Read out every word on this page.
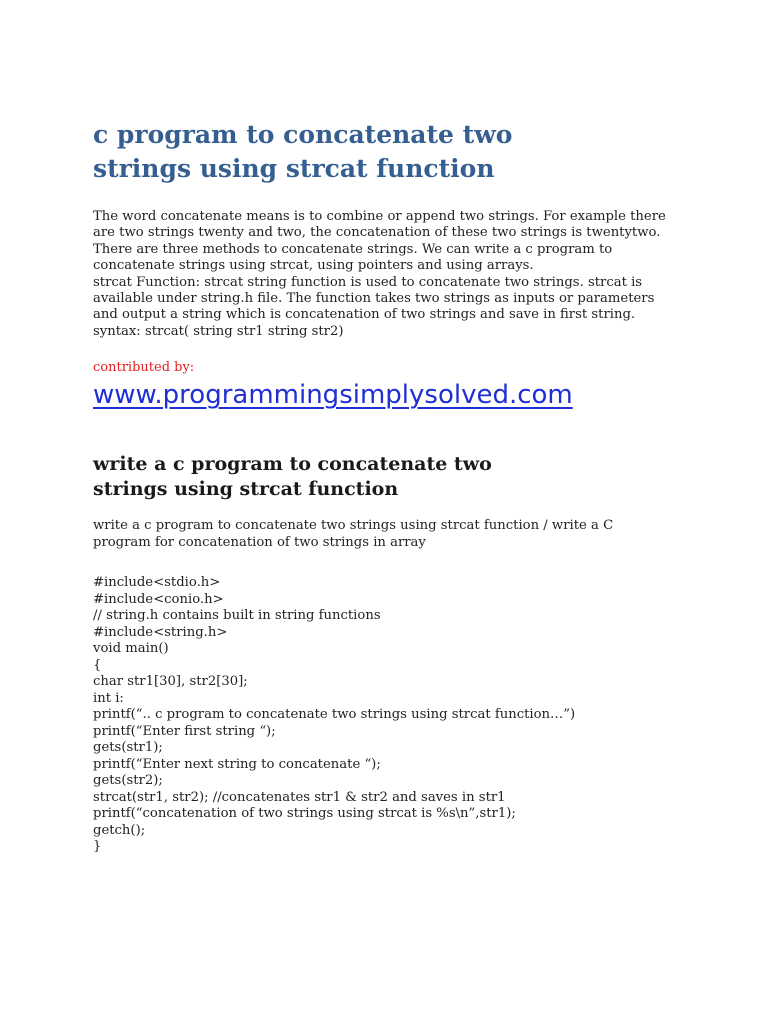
c program to concatenate two
strings using strcat function
The word concatenate means is to combine or append two strings. For example there
are two strings twenty and two, the concatenation of these two strings is twentytwo.
There are three methods to concatenate strings. We can write a c program to
concatenate strings using strcat, using pointers and using arrays.
strcat Function: strcat string function is used to concatenate two strings. strcat is
available under string.h file. The function takes two strings as inputs or parameters
and output a string which is concatenation of two strings and save in first string.
syntax: strcat( string str1 string str2)
contributed by:
www.programmingsimplysolved.com
write a c program to concatenate two
strings using strcat function
write a c program to concatenate two strings using strcat function / write a C
program for concatenation of two strings in array
#include<stdio.h>
#include<conio.h>
// string.h contains built in string functions
#include<string.h>
void main()
{
char str1[30], str2[30];
int i:
printf(“.. c program to concatenate two strings using strcat function…”)
printf(“Enter first string “);
gets(str1);
printf(“Enter next string to concatenate “);
gets(str2);
strcat(str1, str2); //concatenates str1 & str2 and saves in str1
printf(“concatenation of two strings using strcat is %s\n”,str1);
getch();
}
